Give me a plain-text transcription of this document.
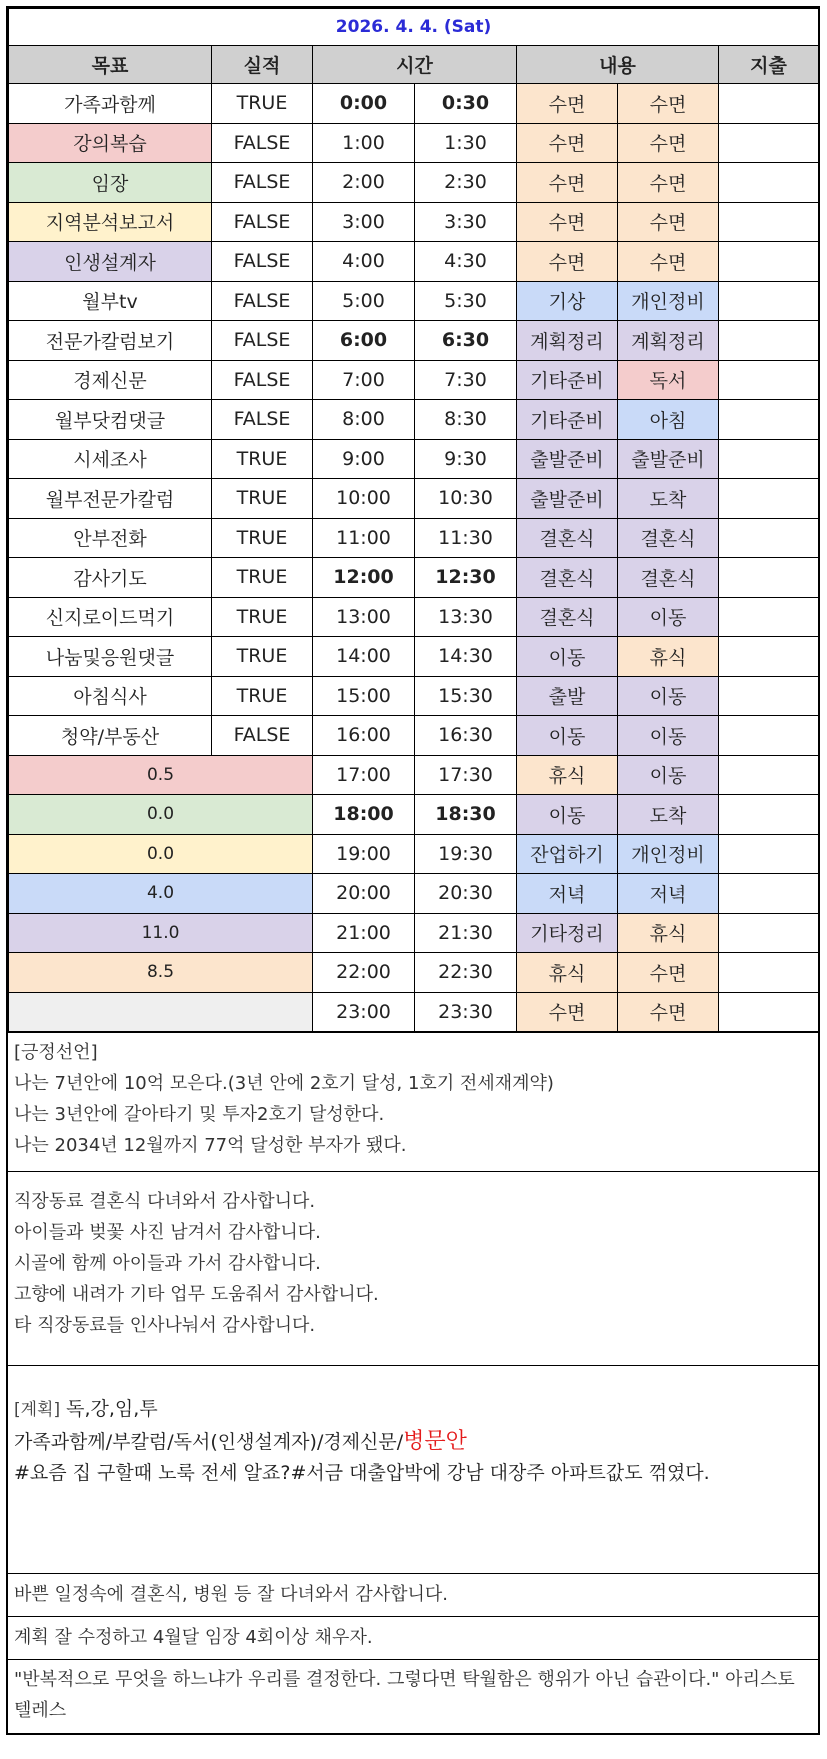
2026. 4. 4. (Sat)						
목표	실적	시간		내용		지출
가족과함께	TRUE	0:00	0:30	수면	수면	
강의복습	FALSE	1:00	1:30	수면	수면	
임장	FALSE	2:00	2:30	수면	수면	
지역분석보고서	FALSE	3:00	3:30	수면	수면	
인생설계자	FALSE	4:00	4:30	수면	수면	
월부tv	FALSE	5:00	5:30	기상	개인정비	
전문가칼럼보기	FALSE	6:00	6:30	계획정리	계획정리	
경제신문	FALSE	7:00	7:30	기타준비	독서	
월부닷컴댓글	FALSE	8:00	8:30	기타준비	아침	
시세조사	TRUE	9:00	9:30	출발준비	출발준비	
월부전문가칼럼	TRUE	10:00	10:30	출발준비	도착	
안부전화	TRUE	11:00	11:30	결혼식	결혼식	
감사기도	TRUE	12:00	12:30	결혼식	결혼식	
신지로이드먹기	TRUE	13:00	13:30	결혼식	이동	
나눔및응원댓글	TRUE	14:00	14:30	이동	휴식	
아침식사	TRUE	15:00	15:30	출발	이동	
청약/부동산	FALSE	16:00	16:30	이동	이동	
0.5		17:00	17:30	휴식	이동	
0.0		18:00	18:30	이동	도착	
0.0		19:00	19:30	잔업하기	개인정비	
4.0		20:00	20:30	저녁	저녁	
11.0		21:00	21:30	기타정리	휴식	
8.5		22:00	22:30	휴식	수면	
		23:00	23:30	수면	수면	
[긍정선언]
나는 7년안에 10억 모은다.(3년 안에 2호기 달성, 1호기 전세재계약)
나는 3년안에 갈아타기 및 투자2호기 달성한다.
나는 2034년 12월까지 77억 달성한 부자가 됐다.
직장동료 결혼식 다녀와서 감사합니다.
아이들과 벚꽃 사진 남겨서 감사합니다.
시골에 함께 아이들과 가서 감사합니다.
고향에 내려가 기타 업무 도움줘서 감사합니다.
타 직장동료들 인사나눠서 감사합니다.
[계획] 독,강,임,투
가족과함께/부칼럼/독서(인생설계자)/경제신문/병문안
#요즘 집 구할때 노룩 전세 알죠?#서금 대출압박에 강남 대장주 아파트값도 꺾였다.
바쁜 일정속에 결혼식, 병원 등 잘 다녀와서 감사합니다.
계획 잘 수정하고 4월달 임장 4회이상 채우자.
"반복적으로 무엇을 하느냐가 우리를 결정한다. 그렇다면 탁월함은 행위가 아닌 습관이다." 아리스토텔레스
